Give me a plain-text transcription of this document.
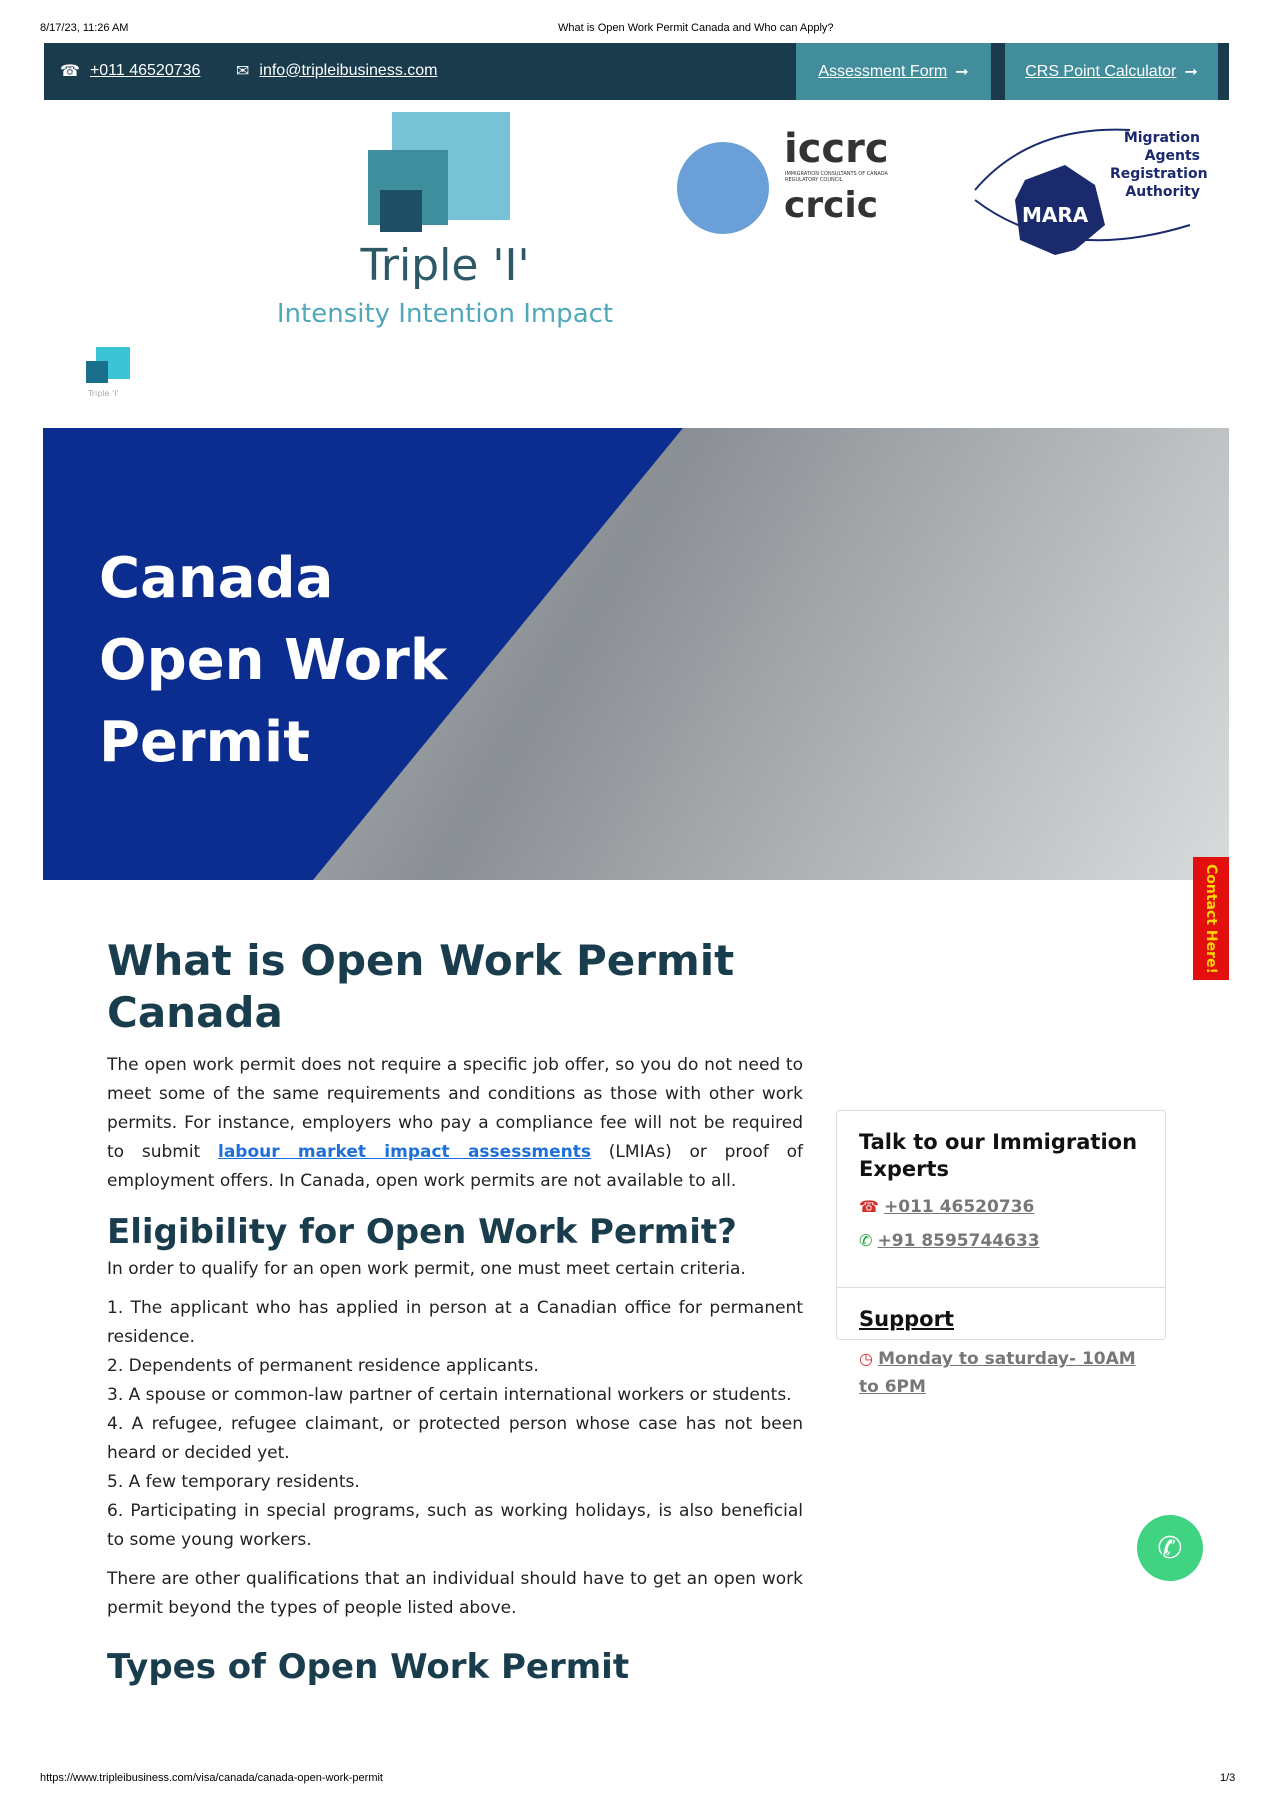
8/17/23, 11:26 AM	What is Open Work Permit Canada and Who can Apply?
☎ +011 46520736 ✉ info@tripleibusiness.com	Assessment Form ➞	CRS Point Calculator ➞
Triple 'I'
Intensity Intention Impact
iccrc
IMMIGRATION CONSULTANTS OF CANADA REGULATORY COUNCIL
crcic	MARA
Migration Agents Registration Authority
Triple 'I'
Canada Open Work Permit
Contact Here!
What is Open Work Permit Canada

The open work permit does not require a specific job offer, so you do not need to meet some of the same requirements and conditions as those with other work permits. For instance, employers who pay a compliance fee will not be required to submit labour market impact assessments (LMIAs) or proof of employment offers. In Canada, open work permits are not available to all.

Eligibility for Open Work Permit?

In order to qualify for an open work permit, one must meet certain criteria.

1. The applicant who has applied in person at a Canadian office for permanent residence.
2. Dependents of permanent residence applicants.
3. A spouse or common-law partner of certain international workers or students.
4. A refugee, refugee claimant, or protected person whose case has not been heard or decided yet.
5. A few temporary residents.
6. Participating in special programs, such as working holidays, is also beneficial to some young workers.

There are other qualifications that an individual should have to get an open work permit beyond the types of people listed above.

Types of Open Work Permit
Talk to our Immigration Experts
☎ +011 46520736
✆ +91 8595744633
Support
◷ Monday to saturday- 10AM to 6PM
✆
https://www.tripleibusiness.com/visa/canada/canada-open-work-permit	1/3
